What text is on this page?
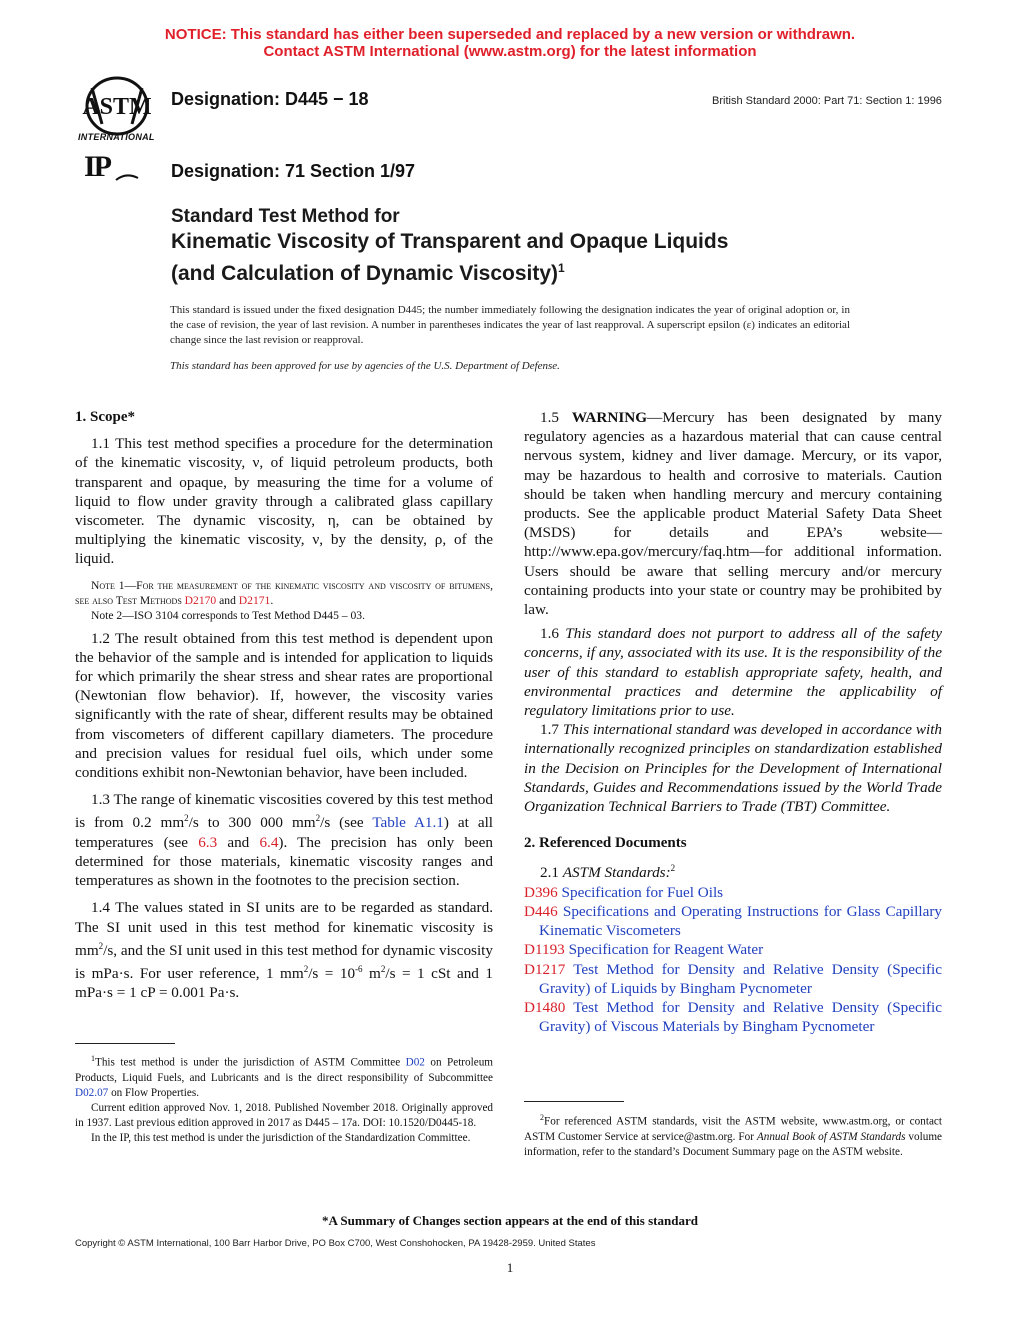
NOTICE: This standard has either been superseded and replaced by a new version or withdrawn.
Contact ASTM International (www.astm.org) for the latest information
ASTM
INTERNATIONAL
Designation: D445 − 18	British Standard 2000: Part 71: Section 1: 1996
IP	Designation: 71 Section 1/97
Standard Test Method for
Kinematic Viscosity of Transparent and Opaque Liquids
(and Calculation of Dynamic Viscosity)$^1$
This standard is issued under the fixed designation D445; the number immediately following the designation indicates the year of original adoption or, in the case of revision, the year of last revision. A number in parentheses indicates the year of last reapproval. A superscript epsilon (ε) indicates an editorial change since the last revision or reapproval.
This standard has been approved for use by agencies of the U.S. Department of Defense.
1. Scope*

1.1 This test method specifies a procedure for the determination of the kinematic viscosity, ν, of liquid petroleum products, both transparent and opaque, by measuring the time for a volume of liquid to flow under gravity through a calibrated glass capillary viscometer. The dynamic viscosity, η, can be obtained by multiplying the kinematic viscosity, ν, by the density, ρ, of the liquid.

Note 1—For the measurement of the kinematic viscosity and viscosity of bitumens, see also Test Methods D2170 and D2171.
Note 2—ISO 3104 corresponds to Test Method D445 – 03.

1.2 The result obtained from this test method is dependent upon the behavior of the sample and is intended for application to liquids for which primarily the shear stress and shear rates are proportional (Newtonian flow behavior). If, however, the viscosity varies significantly with the rate of shear, different results may be obtained from viscometers of different capillary diameters. The procedure and precision values for residual fuel oils, which under some conditions exhibit non-Newtonian behavior, have been included.

1.3 The range of kinematic viscosities covered by this test method is from 0.2 $mm^2/s$ to 300 000 $mm^2/s$ (see Table A1.1) at all temperatures (see 6.3 and 6.4). The precision has only been determined for those materials, kinematic viscosity ranges and temperatures as shown in the footnotes to the precision section.

1.4 The values stated in SI units are to be regarded as standard. The SI unit used in this test method for kinematic viscosity is $mm^2/s$, and the SI unit used in this test method for dynamic viscosity is mPa·s. For user reference, 1 $mm^2/s = 10^{-6}$ $m^2/s = 1$ cSt and 1 mPa·s = 1 cP = 0.001 Pa·s.

$^1$This test method is under the jurisdiction of ASTM Committee D02 on Petroleum Products, Liquid Fuels, and Lubricants and is the direct responsibility of Subcommittee D02.07 on Flow Properties.
Current edition approved Nov. 1, 2018. Published November 2018. Originally approved in 1937. Last previous edition approved in 2017 as D445 – 17a. DOI: 10.1520/D0445-18.
In the IP, this test method is under the jurisdiction of the Standardization Committee.

1.5 WARNING—Mercury has been designated by many regulatory agencies as a hazardous material that can cause central nervous system, kidney and liver damage. Mercury, or its vapor, may be hazardous to health and corrosive to materials. Caution should be taken when handling mercury and mercury containing products. See the applicable product Material Safety Data Sheet (MSDS) for details and EPA’s website—http://www.epa.gov/mercury/faq.htm—for additional information. Users should be aware that selling mercury and/or mercury containing products into your state or country may be prohibited by law.

1.6 This standard does not purport to address all of the safety concerns, if any, associated with its use. It is the responsibility of the user of this standard to establish appropriate safety, health, and environmental practices and determine the applicability of regulatory limitations prior to use.

1.7 This international standard was developed in accordance with internationally recognized principles on standardization established in the Decision on Principles for the Development of International Standards, Guides and Recommendations issued by the World Trade Organization Technical Barriers to Trade (TBT) Committee.

2. Referenced Documents

2.1 ASTM Standards:$^2$

D396 Specification for Fuel Oils
D446 Specifications and Operating Instructions for Glass Capillary Kinematic Viscometers
D1193 Specification for Reagent Water
D1217 Test Method for Density and Relative Density (Specific Gravity) of Liquids by Bingham Pycnometer
D1480 Test Method for Density and Relative Density (Specific Gravity) of Viscous Materials by Bingham Pycnometer
$^2$For referenced ASTM standards, visit the ASTM website, www.astm.org, or contact ASTM Customer Service at service@astm.org. For Annual Book of ASTM Standards volume information, refer to the standard’s Document Summary page on the ASTM website.
*A Summary of Changes section appears at the end of this standard
Copyright © ASTM International, 100 Barr Harbor Drive, PO Box C700, West Conshohocken, PA 19428-2959. United States
1
